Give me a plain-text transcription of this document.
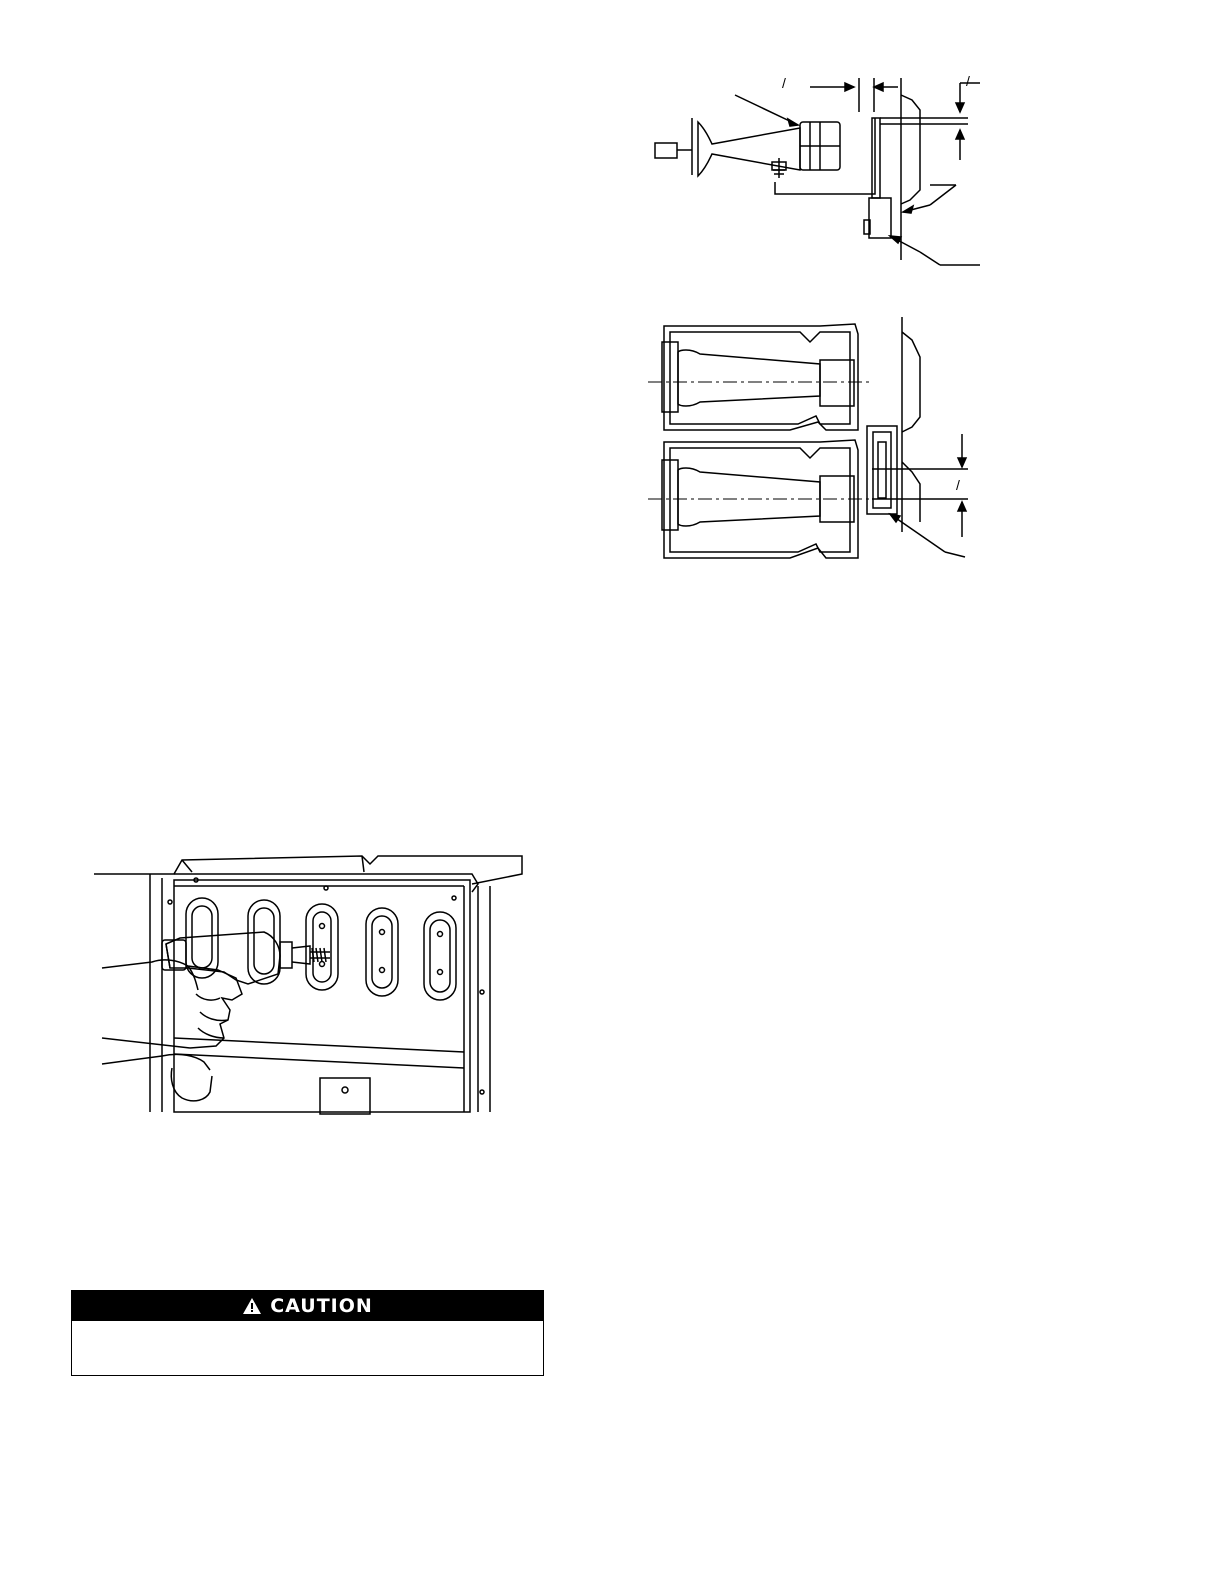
/	/
/
CAUTION
